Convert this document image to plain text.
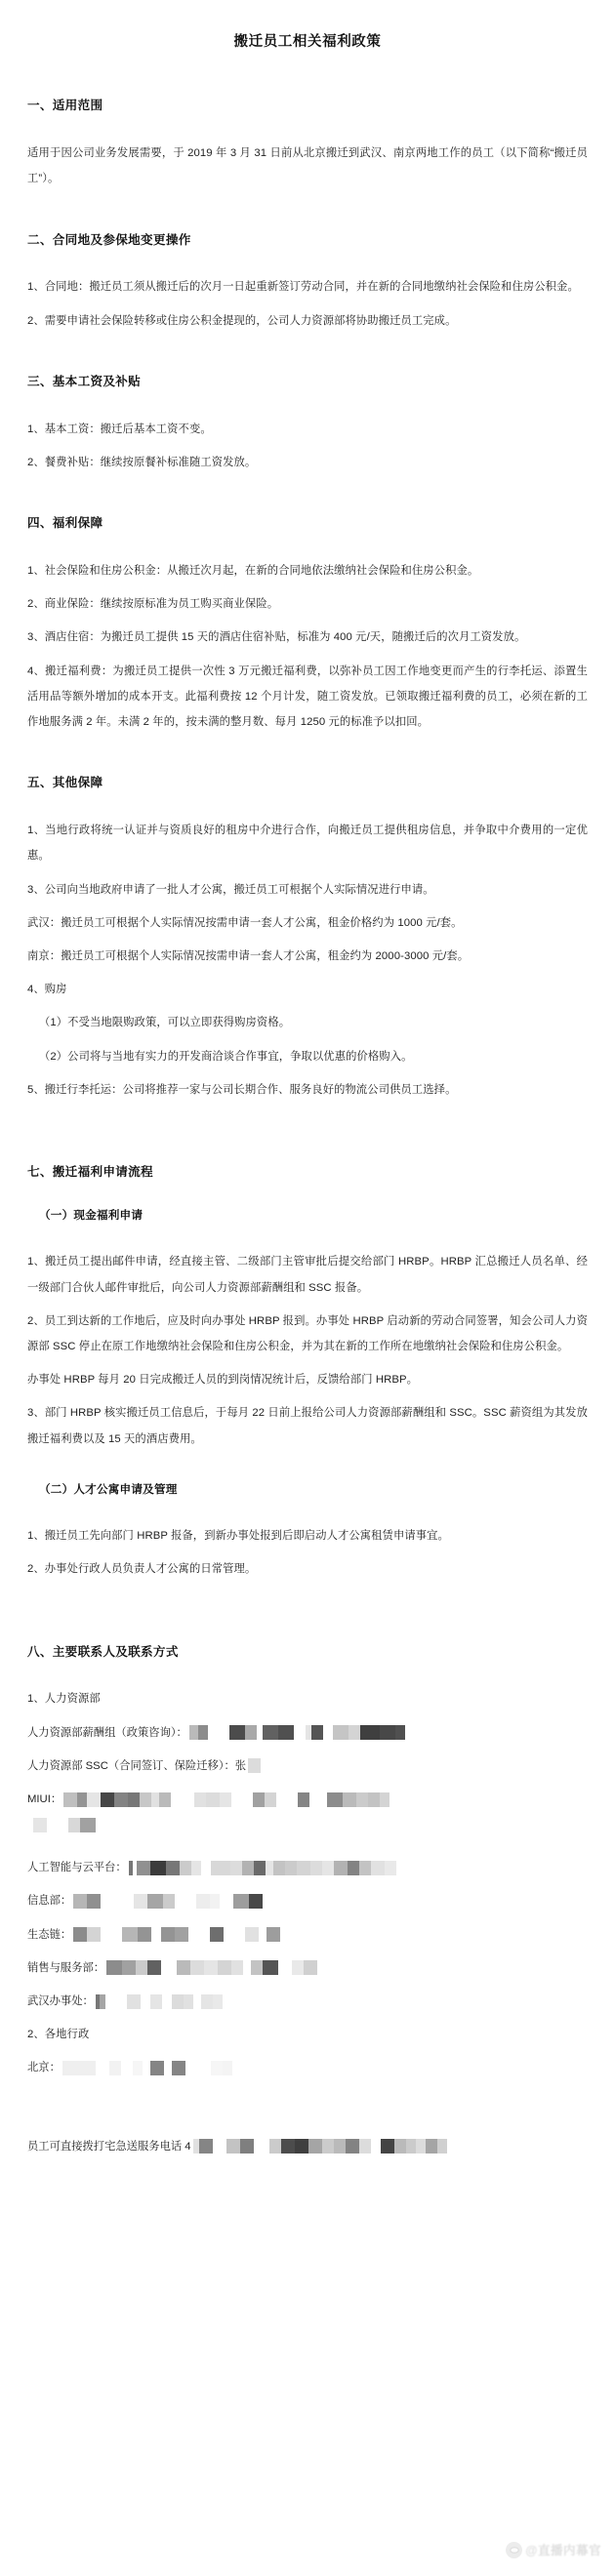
搬迁员工相关福利政策
一、适用范围

适用于因公司业务发展需要，于 2019 年 3 月 31 日前从北京搬迁到武汉、南京两地工作的员工（以下简称“搬迁员工”）。

二、合同地及参保地变更操作

1、合同地：搬迁员工须从搬迁后的次月一日起重新签订劳动合同，并在新的合同地缴纳社会保险和住房公积金。

2、需要申请社会保险转移或住房公积金提现的，公司人力资源部将协助搬迁员工完成。

三、基本工资及补贴

1、基本工资：搬迁后基本工资不变。

2、餐费补贴：继续按原餐补标准随工资发放。

四、福利保障

1、社会保险和住房公积金：从搬迁次月起，在新的合同地依法缴纳社会保险和住房公积金。

2、商业保险：继续按原标准为员工购买商业保险。

3、酒店住宿：为搬迁员工提供 15 天的酒店住宿补贴，标准为 400 元/天，随搬迁后的次月工资发放。

4、搬迁福利费：为搬迁员工提供一次性 3 万元搬迁福利费，以弥补员工因工作地变更而产生的行李托运、添置生活用品等额外增加的成本开支。此福利费按 12 个月计发，随工资发放。已领取搬迁福利费的员工，必须在新的工作地服务满 2 年。未满 2 年的，按未满的整月数、每月 1250 元的标准予以扣回。

五、其他保障

1、当地行政将统一认证并与资质良好的租房中介进行合作，向搬迁员工提供租房信息，并争取中介费用的一定优惠。

3、公司向当地政府申请了一批人才公寓，搬迁员工可根据个人实际情况进行申请。

武汉：搬迁员工可根据个人实际情况按需申请一套人才公寓，租金价格约为 1000 元/套。

南京：搬迁员工可根据个人实际情况按需申请一套人才公寓，租金约为 2000-3000 元/套。

4、购房

（1）不受当地限购政策，可以立即获得购房资格。

（2）公司将与当地有实力的开发商洽谈合作事宜，争取以优惠的价格购入。

5、搬迁行李托运：公司将推荐一家与公司长期合作、服务良好的物流公司供员工选择。

七、搬迁福利申请流程
（一）现金福利申请

1、搬迁员工提出邮件申请，经直接主管、二级部门主管审批后提交给部门 HRBP。HRBP 汇总搬迁人员名单、经一级部门合伙人邮件审批后，向公司人力资源部薪酬组和 SSC 报备。

2、员工到达新的工作地后，应及时向办事处 HRBP 报到。办事处 HRBP 启动新的劳动合同签署，知会公司人力资源部 SSC 停止在原工作地缴纳社会保险和住房公积金，并为其在新的工作所在地缴纳社会保险和住房公积金。

办事处 HRBP 每月 20 日完成搬迁人员的到岗情况统计后，反馈给部门 HRBP。

3、部门 HRBP 核实搬迁员工信息后，于每月 22 日前上报给公司人力资源部薪酬组和 SSC。SSC 薪资组为其发放搬迁福利费以及 15 天的酒店费用。

（二）人才公寓申请及管理

1、搬迁员工先向部门 HRBP 报备，到新办事处报到后即启动人才公寓租赁申请事宜。

2、办事处行政人员负责人才公寓的日常管理。

八、主要联系人及联系方式

1、人力资源部

人力资源部薪酬组（政策咨询）：
人力资源部 SSC（合同签订、保险迁移）：张
MIUI：
人工智能与云平台：
信息部：
生态链：
销售与服务部：
武汉办事处：

2、各地行政

北京：
员工可直接拨打宅急送服务电话 4
@直播内幕官
